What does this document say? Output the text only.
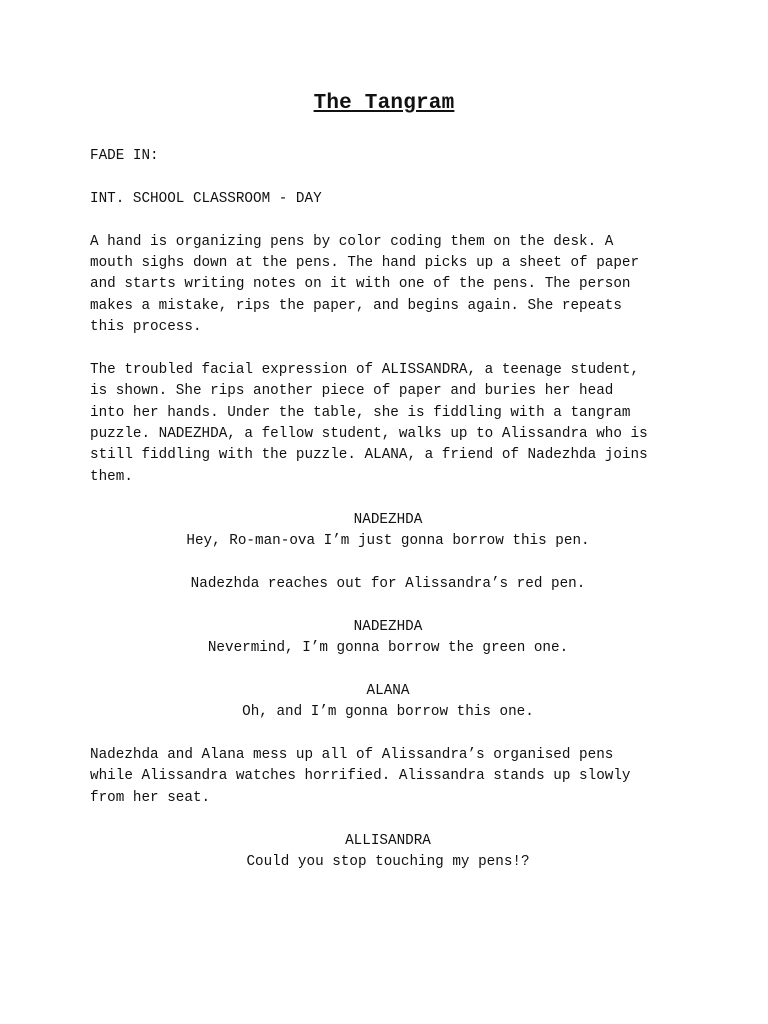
The Tangram
FADE IN:
INT. SCHOOL CLASSROOM - DAY
A hand is organizing pens by color coding them on the desk. A
mouth sighs down at the pens. The hand picks up a sheet of paper
and starts writing notes on it with one of the pens. The person
makes a mistake, rips the paper, and begins again. She repeats
this process.
The troubled facial expression of ALISSANDRA, a teenage student,
is shown. She rips another piece of paper and buries her head
into her hands. Under the table, she is fiddling with a tangram
puzzle. NADEZHDA, a fellow student, walks up to Alissandra who is
still fiddling with the puzzle. ALANA, a friend of Nadezhda joins
them.
NADEZHDA
Hey, Ro-man-ova I’m just gonna borrow this pen.
Nadezhda reaches out for Alissandra’s red pen.
NADEZHDA
Nevermind, I’m gonna borrow the green one.
ALANA
Oh, and I’m gonna borrow this one.
Nadezhda and Alana mess up all of Alissandra’s organised pens
while Alissandra watches horrified. Alissandra stands up slowly
from her seat.
ALLISANDRA
Could you stop touching my pens!?
